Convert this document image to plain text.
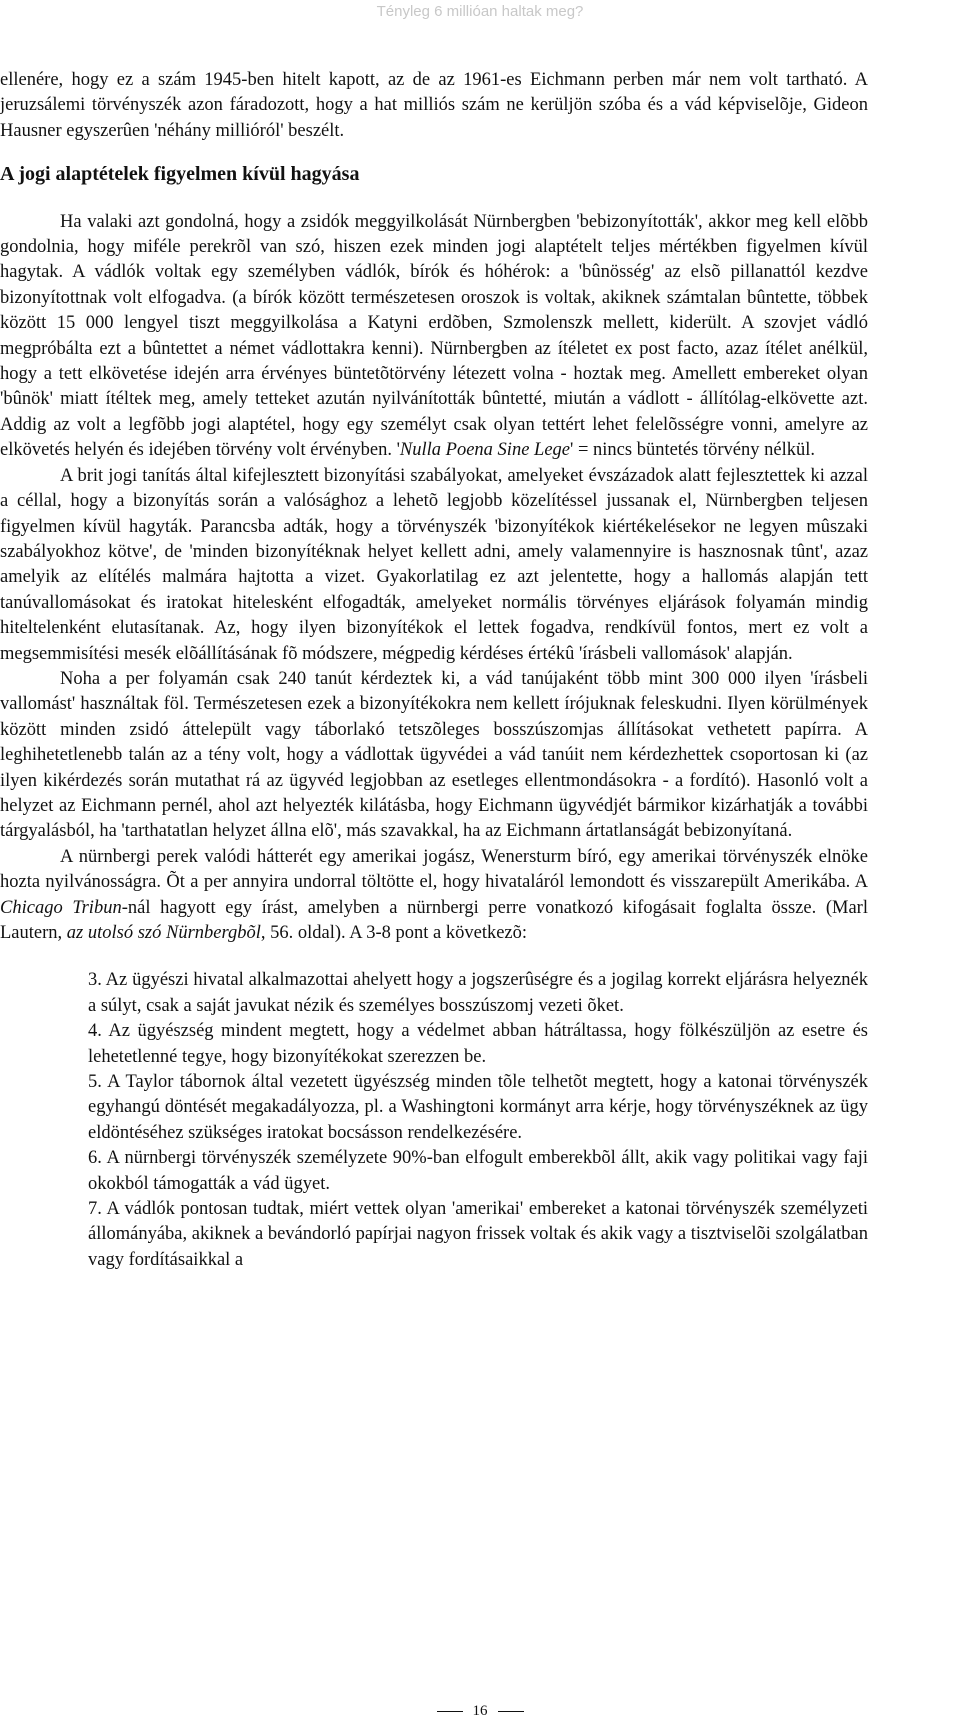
Tényleg 6 millióan haltak meg?

ellenére, hogy ez a szám 1945-ben hitelt kapott, az de az 1961-es Eichmann perben már nem volt tartható. A jeruzsálemi törvényszék azon fáradozott, hogy a hat milliós szám ne kerüljön szóba és a vád képviselõje, Gideon Hausner egyszerûen 'néhány millióról' beszélt.

A jogi alaptételek figyelmen kívül hagyása

Ha valaki azt gondolná, hogy a zsidók meggyilkolását Nürnbergben 'bebizonyították', akkor meg kell elõbb gondolnia, hogy miféle perekrõl van szó, hiszen ezek minden jogi alaptételt teljes mértékben figyelmen kívül hagytak. A vádlók voltak egy személyben vádlók, bírók és hóhérok: a 'bûnösség' az elsõ pillanattól kezdve bizonyítottnak volt elfogadva. (a bírók között természetesen oroszok is voltak, akiknek számtalan bûntette, többek között 15 000 lengyel tiszt meggyilkolása a Katyni erdõben, Szmolenszk mellett, kiderült. A szovjet vádló megpróbálta ezt a bûntettet a német vádlottakra kenni). Nürnbergben az ítéletet ex post facto, azaz ítélet anélkül, hogy a tett elkövetése idején arra érvényes büntetõtörvény létezett volna - hoztak meg. Amellett embereket olyan 'bûnök' miatt ítéltek meg, amely tetteket azután nyilvánították bûntetté, miután a vádlott - állítólag-elkövette azt. Addig az volt a legfõbb jogi alaptétel, hogy egy személyt csak olyan tettért lehet felelõsségre vonni, amelyre az elkövetés helyén és idejében törvény volt érvényben. 'Nulla Poena Sine Lege' = nincs büntetés törvény nélkül.

A brit jogi tanítás által kifejlesztett bizonyítási szabályokat, amelyeket évszázadok alatt fejlesztettek ki azzal a céllal, hogy a bizonyítás során a valósághoz a lehetõ legjobb közelítéssel jussanak el, Nürnbergben teljesen figyelmen kívül hagyták. Parancsba adták, hogy a törvényszék 'bizonyítékok kiértékelésekor ne legyen mûszaki szabályokhoz kötve', de 'minden bizonyítéknak helyet kellett adni, amely valamennyire is hasznosnak tûnt', azaz amelyik az elítélés malmára hajtotta a vizet. Gyakorlatilag ez azt jelentette, hogy a hallomás alapján tett tanúvallomásokat és iratokat hitelesként elfogadták, amelyeket normális törvényes eljárások folyamán mindig hiteltelenként elutasítanak. Az, hogy ilyen bizonyítékok el lettek fogadva, rendkívül fontos, mert ez volt a megsemmisítési mesék elõállításának fõ módszere, mégpedig kérdéses értékû 'írásbeli vallomások' alapján.

Noha a per folyamán csak 240 tanút kérdeztek ki, a vád tanújaként több mint 300 000 ilyen 'írásbeli vallomást' használtak föl. Természetesen ezek a bizonyítékokra nem kellett írójuknak feleskudni. Ilyen körülmények között minden zsidó áttelepült vagy táborlakó tetszõleges bosszúszomjas állításokat vethetett papírra. A leghihetetlenebb talán az a tény volt, hogy a vádlottak ügyvédei a vád tanúit nem kérdezhettek csoportosan ki (az ilyen kikérdezés során mutathat rá az ügyvéd legjobban az esetleges ellentmondásokra - a fordító). Hasonló volt a helyzet az Eichmann pernél, ahol azt helyezték kilátásba, hogy Eichmann ügyvédjét bármikor kizárhatják a további tárgyalásból, ha 'tarthatatlan helyzet állna elõ', más szavakkal, ha az Eichmann ártatlanságát bebizonyítaná.

A nürnbergi perek valódi hátterét egy amerikai jogász, Wenersturm bíró, egy amerikai törvényszék elnöke hozta nyilvánosságra. Õt a per annyira undorral töltötte el, hogy hivataláról lemondott és visszarepült Amerikába. A Chicago Tribun-nál hagyott egy írást, amelyben a nürnbergi perre vonatkozó kifogásait foglalta össze. (Marl Lautern, az utolsó szó Nürnbergbõl, 56. oldal). A 3-8 pont a következõ:

3. Az ügyészi hivatal alkalmazottai ahelyett hogy a jogszerûségre és a jogilag korrekt eljárásra helyeznék a súlyt, csak a saját javukat nézik és személyes bosszúszomj vezeti õket.

4. Az ügyészség mindent megtett, hogy a védelmet abban hátráltassa, hogy fölkészüljön az esetre és lehetetlenné tegye, hogy bizonyítékokat szerezzen be.

5. A Taylor tábornok által vezetett ügyészség minden tõle telhetõt megtett, hogy a katonai törvényszék egyhangú döntését megakadályozza, pl. a Washingtoni kormányt arra kérje, hogy törvényszéknek az ügy eldöntéséhez szükséges iratokat bocsásson rendelkezésére.

6. A nürnbergi törvényszék személyzete 90%-ban elfogult emberekbõl állt, akik vagy politikai vagy faji okokból támogatták a vád ügyet.

7. A vádlók pontosan tudtak, miért vettek olyan 'amerikai' embereket a katonai törvényszék személyzeti állományába, akiknek a bevándorló papírjai nagyon frissek voltak és akik vagy a tisztviselõi szolgálatban vagy fordításaikkal a

16
